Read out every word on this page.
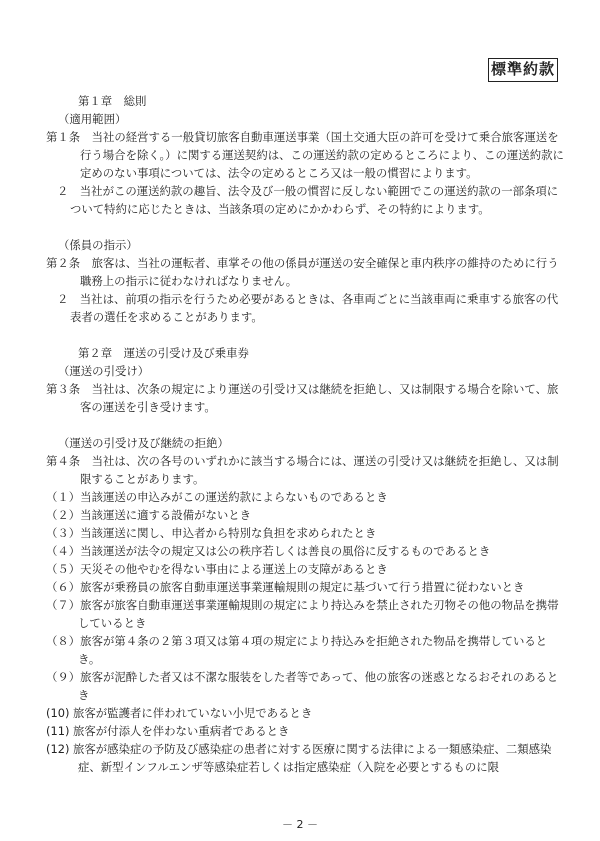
標準約款
第１章　総則
（適用範囲）
第１条　当社の経営する一般貸切旅客自動車運送事業（国土交通大臣の許可を受けて乗合旅客運送を行う場合を除く。）に関する運送契約は、この運送約款の定めるところにより、この運送約款に定めのない事項については、法令の定めるところ又は一般の慣習によります。
２　当社がこの運送約款の趣旨、法令及び一般の慣習に反しない範囲でこの運送約款の一部条項について特約に応じたときは、当該条項の定めにかかわらず、その特約によります。
（係員の指示）
第２条　旅客は、当社の運転者、車掌その他の係員が運送の安全確保と車内秩序の維持のために行う職務上の指示に従わなければなりません。
２　当社は、前項の指示を行うため必要があるときは、各車両ごとに当該車両に乗車する旅客の代表者の選任を求めることがあります。
第２章　運送の引受け及び乗車券
（運送の引受け）
第３条　当社は、次条の規定により運送の引受け又は継続を拒絶し、又は制限する場合を除いて、旅客の運送を引き受けます。
（運送の引受け及び継続の拒絶）
第４条　当社は、次の各号のいずれかに該当する場合には、運送の引受け又は継続を拒絶し、又は制限することがあります。
（１）当該運送の申込みがこの運送約款によらないものであるとき
（２）当該運送に適する設備がないとき
（３）当該運送に関し、申込者から特別な負担を求められたとき
（４）当該運送が法令の規定又は公の秩序若しくは善良の風俗に反するものであるとき
（５）天災その他やむを得ない事由による運送上の支障があるとき
（６）旅客が乗務員の旅客自動車運送事業運輸規則の規定に基づいて行う措置に従わないとき
（７）旅客が旅客自動車運送事業運輸規則の規定により持込みを禁止された刃物その他の物品を携帯しているとき
（８）旅客が第４条の２第３項又は第４項の規定により持込みを拒絶された物品を携帯しているとき。
（９）旅客が泥酔した者又は不潔な服装をした者等であって、他の旅客の迷惑となるおそれのあるとき
(10) 旅客が監護者に伴われていない小児であるとき
(11) 旅客が付添人を伴わない重病者であるとき
(12) 旅客が感染症の予防及び感染症の患者に対する医療に関する法律による一類感染症、二類感染症、新型インフルエンザ等感染症若しくは指定感染症（入院を必要とするものに限
－ 2 －
